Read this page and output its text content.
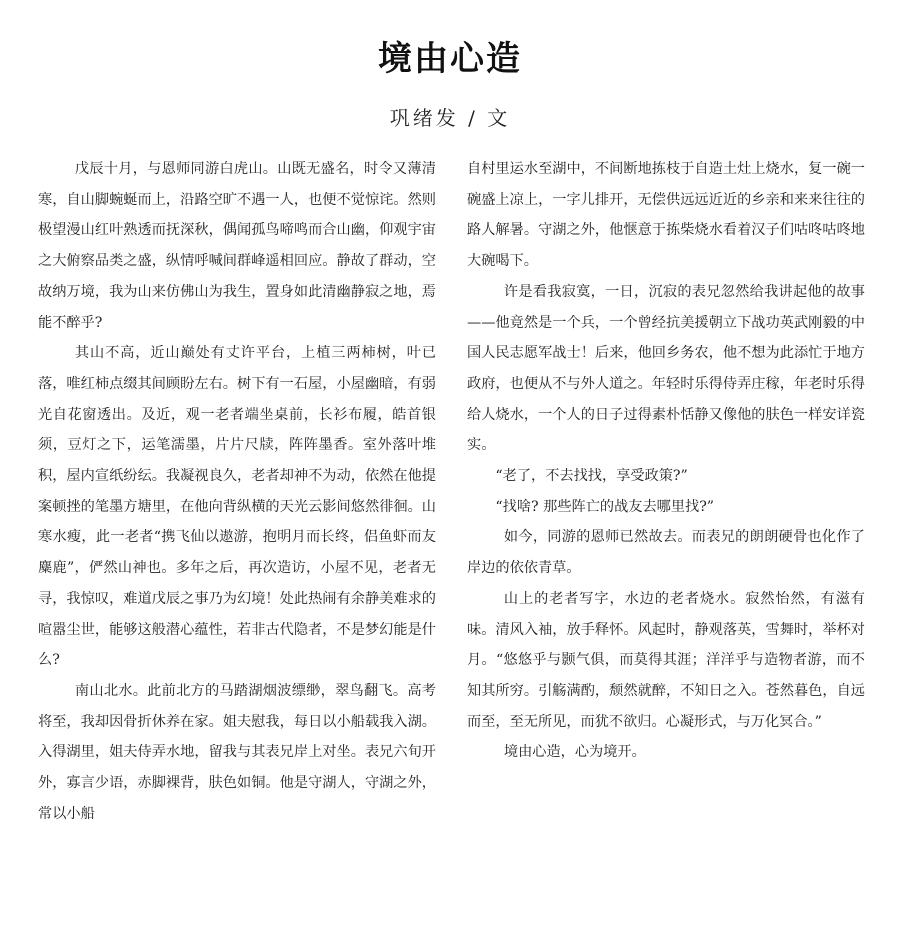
境由心造
巩绪发 / 文

戊辰十月，与恩师同游白虎山。山既无盛名，时令又薄清寒，自山脚蜿蜒而上，沿路空旷不遇一人，也便不觉惊诧。然则极望漫山红叶熟透而抚深秋，偶闻孤鸟啼鸣而合山幽，仰观宇宙之大俯察品类之盛，纵情呼喊间群峰遥相回应。静故了群动，空故纳万境，我为山来仿佛山为我生，置身如此清幽静寂之地，焉能不醉乎?

其山不高，近山巅处有丈许平台，上植三两柿树，叶已落，唯红柿点缀其间顾盼左右。树下有一石屋，小屋幽暗，有弱光自花窗透出。及近，观一老者端坐桌前，长衫布履，皓首银须，豆灯之下，运笔濡墨，片片尺牍，阵阵墨香。室外落叶堆积，屋内宣纸纷纭。我凝视良久，老者却神不为动，依然在他提案顿挫的笔墨方塘里，在他向背纵横的天光云影间悠然徘徊。山寒水瘦，此一老者“携飞仙以遨游，抱明月而长终，侣鱼虾而友麋鹿”，俨然山神也。多年之后，再次造访，小屋不见，老者无寻，我惊叹，难道戊辰之事乃为幻境！处此热闹有余静美难求的喧嚣尘世，能够这般潜心蕴性，若非古代隐者，不是梦幻能是什么?

南山北水。此前北方的马踏湖烟波缥缈，翠鸟翻飞。高考将至，我却因骨折休养在家。姐夫慰我，每日以小船载我入湖。入得湖里，姐夫侍弄水地，留我与其表兄岸上对坐。表兄六旬开外，寡言少语，赤脚裸背，肤色如铜。他是守湖人，守湖之外，常以小船

自村里运水至湖中，不间断地拣枝于自造土灶上烧水，复一碗一碗盛上凉上，一字儿排开，无偿供远远近近的乡亲和来来往往的路人解暑。守湖之外，他惬意于拣柴烧水看着汉子们咕咚咕咚地大碗喝下。

许是看我寂寞，一日，沉寂的表兄忽然给我讲起他的故事——他竟然是一个兵，一个曾经抗美援朝立下战功英武刚毅的中国人民志愿军战士！后来，他回乡务农，他不想为此添忙于地方政府，也便从不与外人道之。年轻时乐得侍弄庄稼，年老时乐得给人烧水，一个人的日子过得素朴恬静又像他的肤色一样安详瓷实。

“老了，不去找找，享受政策?”

“找啥? 那些阵亡的战友去哪里找?”

如今，同游的恩师已然故去。而表兄的朗朗硬骨也化作了岸边的依依青草。

山上的老者写字，水边的老者烧水。寂然怡然，有滋有味。清风入袖，放手释怀。风起时，静观落英，雪舞时，举杯对月。“悠悠乎与颢气俱，而莫得其涯；洋洋乎与造物者游，而不知其所穷。引觞满酌，颓然就醉，不知日之入。苍然暮色，自远而至，至无所见，而犹不欲归。心凝形式，与万化冥合。”

境由心造，心为境开。
